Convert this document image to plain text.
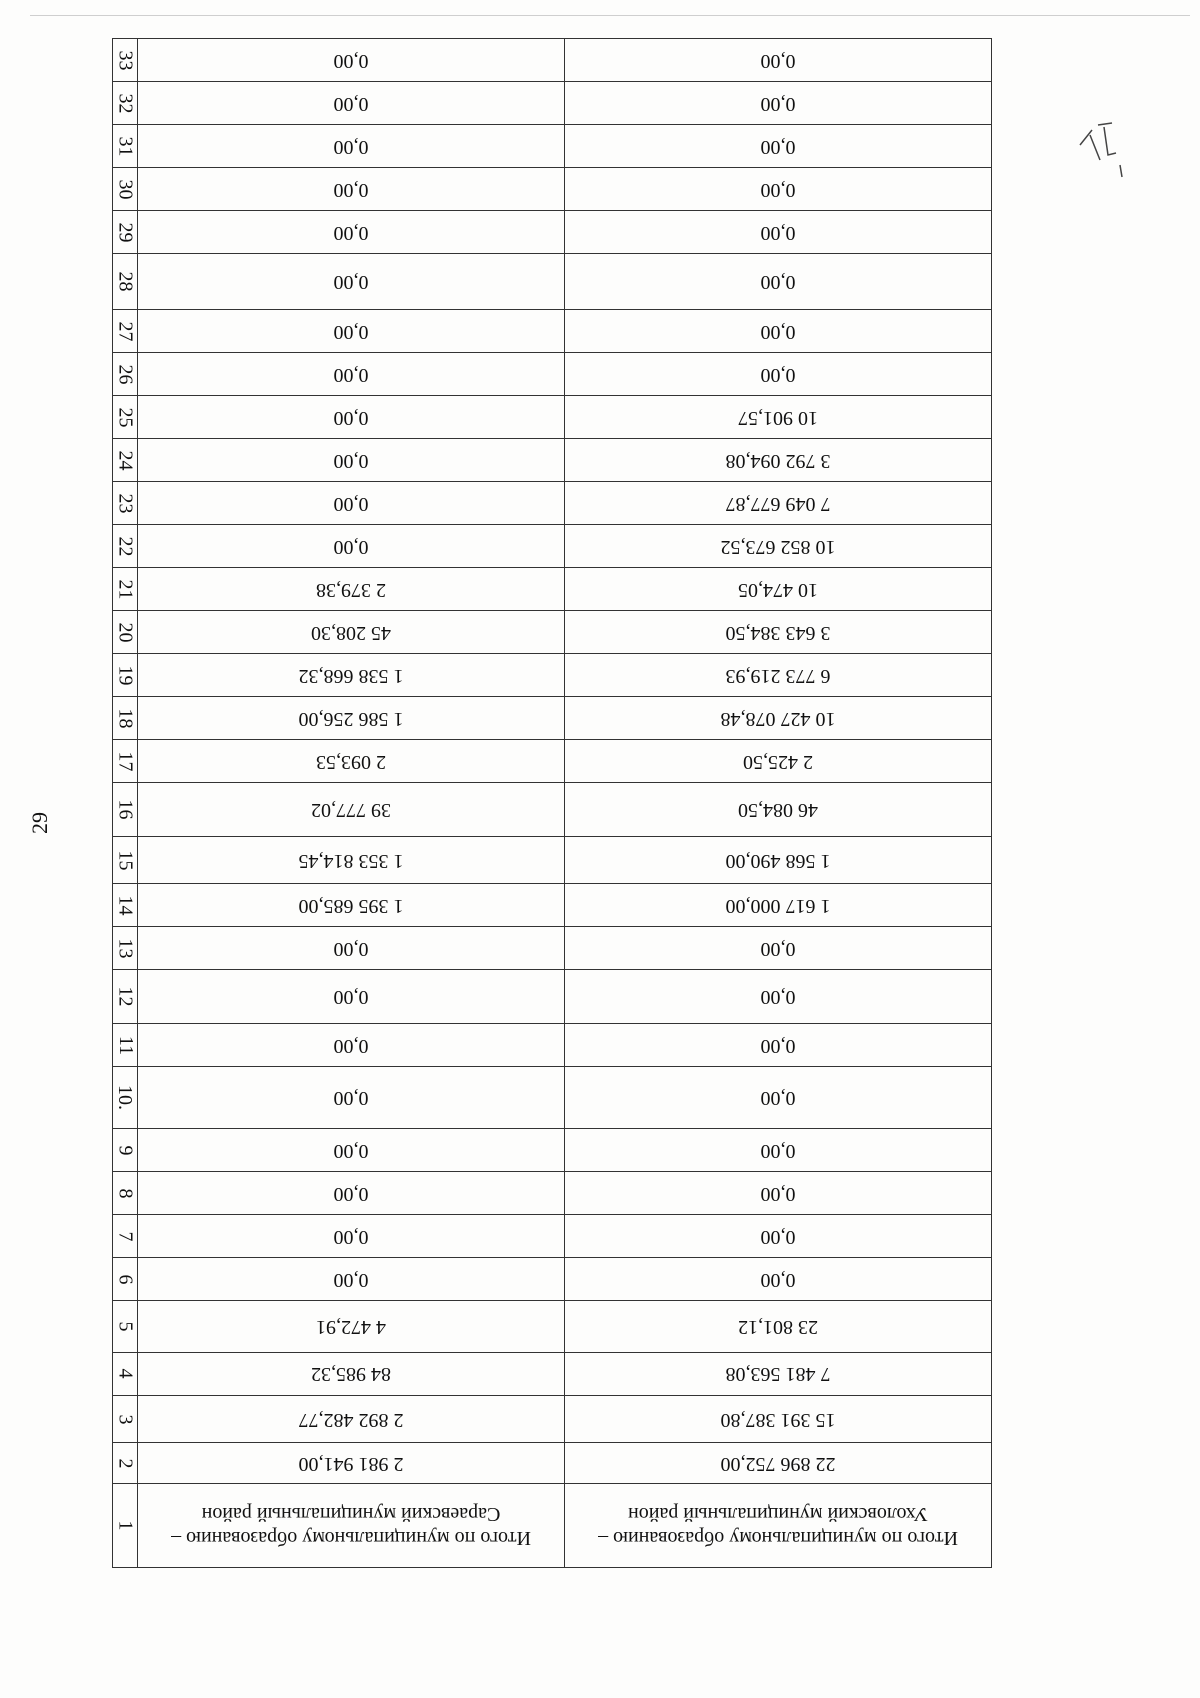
29
Итого по муниципальному образованию – Ухоловский муниципальный район	Итого по муниципальному образованию – Сараевский муниципальный район	1
22 896 752,00	2 981 941,00	2
15 391 387,80	2 892 482,77	3
7 481 563,08	84 985,32	4
23 801,12	4 472,91	5
0,00	0,00	6
0,00	0,00	7
0,00	0,00	8
0,00	0,00	9
0,00	0,00	10.
0,00	0,00	11
0,00	0,00	12
0,00	0,00	13
1 617 000,00	1 395 685,00	14
1 568 490,00	1 353 814,45	15
46 084,50	39 777,02	16
2 425,50	2 093,53	17
10 427 078,48	1 586 256,00	18
6 773 219,93	1 538 668,32	19
3 643 384,50	45 208,30	20
10 474,05	2 379,38	21
10 852 673,52	0,00	22
7 049 677,87	0,00	23
3 792 094,08	0,00	24
10 901,57	0,00	25
0,00	0,00	26
0,00	0,00	27
0,00	0,00	28
0,00	0,00	29
0,00	0,00	30
0,00	0,00	31
0,00	0,00	32
0,00	0,00	33
